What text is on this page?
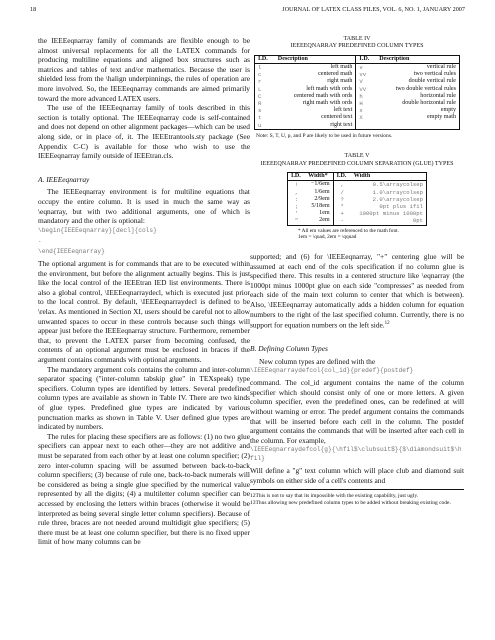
18	JOURNAL OF LATEX CLASS FILES, VOL. 6, NO. 1, JANUARY 2007

the IEEEeqnarray family of commands are flexible enough to be almost universal replacements for all the LATEX commands for producing multiline equations and aligned box structures such as matrices and tables of text and/or mathematics. Because the user is shielded less from the \halign underpinnings, the rules of operation are more involved. So, the IEEEeqnarray commands are aimed primarily toward the more advanced LATEX users.

The use of the IEEEeqnarray family of tools described in this section is totally optional. The IEEEeqnarray code is self-contained and does not depend on other alignment packages—which can be used along side, or in place of, it. The IEEEtrantools.sty package (See Appendix C-C) is available for those who wish to use the IEEEeqnarray family outside of IEEEtran.cls.

A. IEEEeqnarray

The IEEEeqnarray environment is for multiline equations that occupy the entire column. It is used in much the same way as \eqnarray, but with two additional arguments, one of which is mandatory and the other is optional:

\begin{IEEEeqnarray}[decl]{cols}
.
\end{IEEEeqnarray}

The optional argument is for commands that are to be executed within the environment, but before the alignment actually begins. This is just like the local control of the IEEEtran IED list environments. There is also a global control, \IEEEeqnarraydecl, which is executed just prior to the local control. By default, \IEEEeqnarraydecl is defined to be \relax. As mentioned in Section XI, users should be careful not to allow unwanted spaces to occur in these controls because such things will appear just before the IEEEeqnarray structure. Furthermore, remember that, to prevent the LATEX parser from becoming confused, the contents of an optional argument must be enclosed in braces if the argument contains commands with optional arguments.

The mandatory argument cols contains the column and inter-column separator spacing ("inter-column tabskip glue" in TEXspeak) type specifiers. Column types are identified by letters. Several predefined column types are available as shown in Table IV. There are two kinds of glue types. Predefined glue types are indicated by various punctuation marks as shown in Table V. User defined glue types are indicated by numbers.

The rules for placing these specifiers are as follows: (1) no two glue specifiers can appear next to each other—they are not additive and must be separated from each other by at least one column specifier; (2) zero inter-column spacing will be assumed between back-to-back column specifiers; (3) because of rule one, back-to-back numerals will be considered as being a single glue specified by the numerical value represented by all the digits; (4) a multiletter column specifier can be accessed by enclosing the letters within braces (otherwise it would be interpreted as being several single letter column specifiers). Because of rule three, braces are not needed around multidigit glue specifiers; (5) there must be at least one column specifier, but there is no fixed upper limit of how many columns can be

TABLE IV
IEEEEQNARRAY PREDEFINED COLUMN TYPES
I.D.	Description	I.D.	Description
l	left math	v	vertical rule
c	centered math	vv	two vertical rules
r	right math	V	double vertical rule
L	left math with ords	VV	two double vertical rules
C	centered math with ords	h	horizontal rule
R	right math with ords	H	double horizontal rule
s	left text	x	empty
t	centered text	X	empty math
u	right text		
Note: S, T, U, p, and P are likely to be used in future versions.
TABLE V
IEEEEQNARRAY PREDEFINED COLUMN SEPARATION (GLUE) TYPES
I.D.	Width*	I.D.	Width
!	−1/6em	,	0.5\arraycolsep
,	1/6em	/	1.0\arraycolsep
:	2/9em	?	2.0\arraycolsep
;	5/18em	*	0pt plus 1fil
'	1em	+	1000pt minus 1000pt
"	2em	-	0pt
* All em values are referenced to the math font.
1em = \quad, 2em = \qquad

supported; and (6) for \IEEEeqnarray, "+" centering glue will be assumed at each end of the cols specification if no column glue is specified there. This results in a centered structure like \eqnarray (the 1000pt minus 1000pt glue on each side "compresses" as needed from each side of the main text column to center that which is between). Also, \IEEEeqnarray automatically adds a hidden column for equation numbers to the right of the last specified column. Currently, there is no support for equation numbers on the left side.$^{12}$

B. Defining Column Types

New column types are defined with the

\IEEEeqnarraydefcol{col_id}{predef}{postdef}

command. The col_id argument contains the name of the column specifier which should consist only of one or more letters. A given column specifier, even the predefined ones, can be redefined at will without warning or error. The predef argument contains the commands that will be inserted before each cell in the column. The postdef argument contains the commands that will be inserted after each cell in the column. For example,

\IEEEeqnarraydefcol{g}{\hfil$\clubsuit$}{$\diamondsuit$\hfil}

Will define a "g" text column which will place club and diamond suit symbols on either side of a cell's contents and

12This is not to say that its impossible with the existing capability, just ugly.
13Thus allowing new predefined column types to be added without breaking existing code.
